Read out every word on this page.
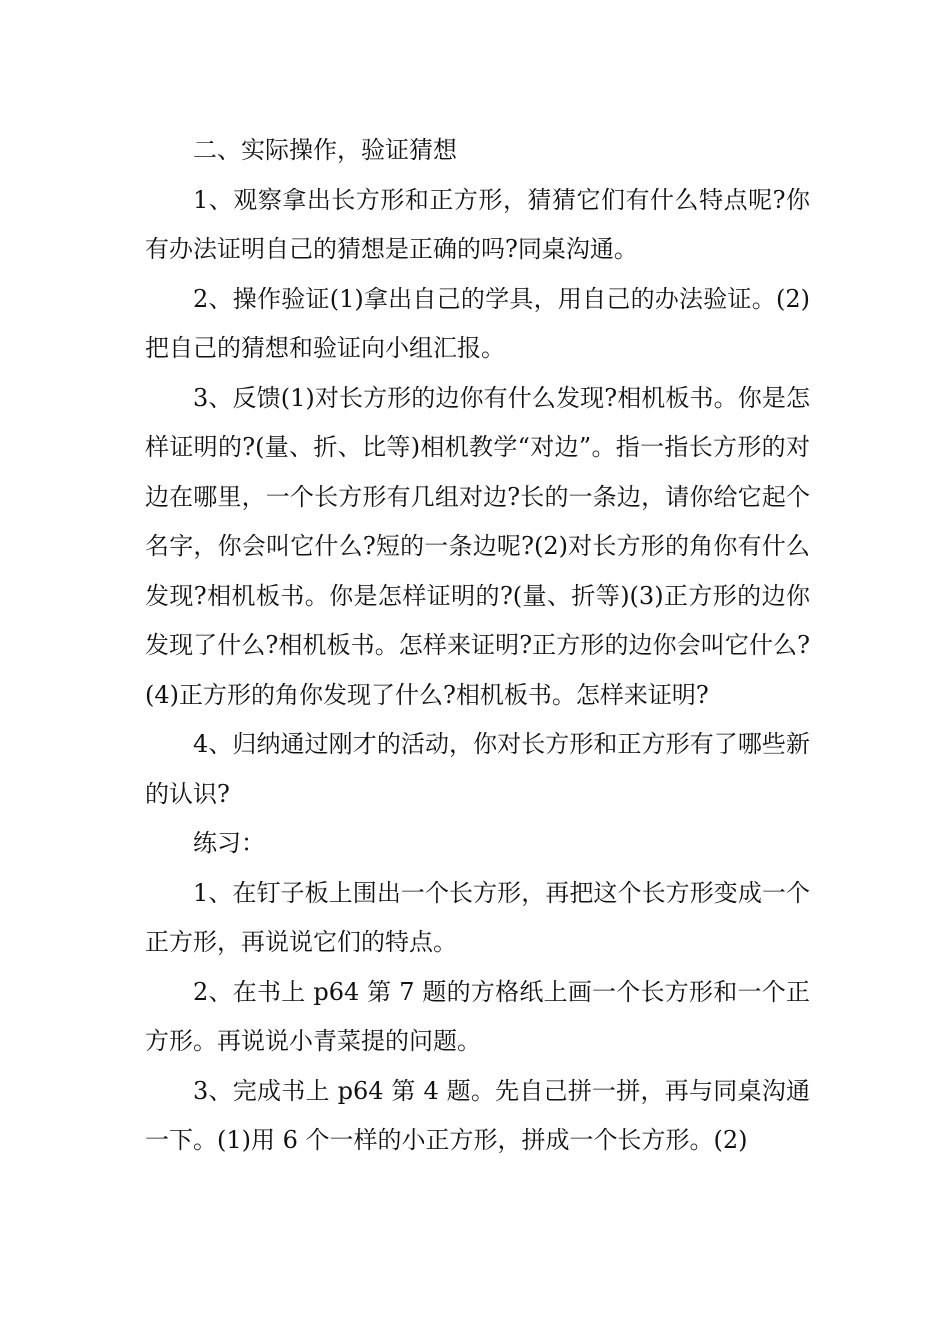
二、实际操作，验证猜想

1、观察拿出长方形和正方形，猜猜它们有什么特点呢?你有办法证明自己的猜想是正确的吗?同桌沟通。

2、操作验证(1)拿出自己的学具，用自己的办法验证。(2)把自己的猜想和验证向小组汇报。

3、反馈(1)对长方形的边你有什么发现?相机板书。你是怎样证明的?(量、折、比等)相机教学“对边”。指一指长方形的对边在哪里，一个长方形有几组对边?长的一条边，请你给它起个名字，你会叫它什么?短的一条边呢?(2)对长方形的角你有什么发现?相机板书。你是怎样证明的?(量、折等)(3)正方形的边你发现了什么?相机板书。怎样来证明?正方形的边你会叫它什么?(4)正方形的角你发现了什么?相机板书。怎样来证明?

4、归纳通过刚才的活动，你对长方形和正方形有了哪些新的认识?

练习：

1、在钉子板上围出一个长方形，再把这个长方形变成一个正方形，再说说它们的特点。

2、在书上 p64 第 7 题的方格纸上画一个长方形和一个正方形。再说说小青菜提的问题。

3、完成书上 p64 第 4 题。先自己拼一拼，再与同桌沟通一下。(1)用 6 个一样的小正方形，拼成一个长方形。(2)
